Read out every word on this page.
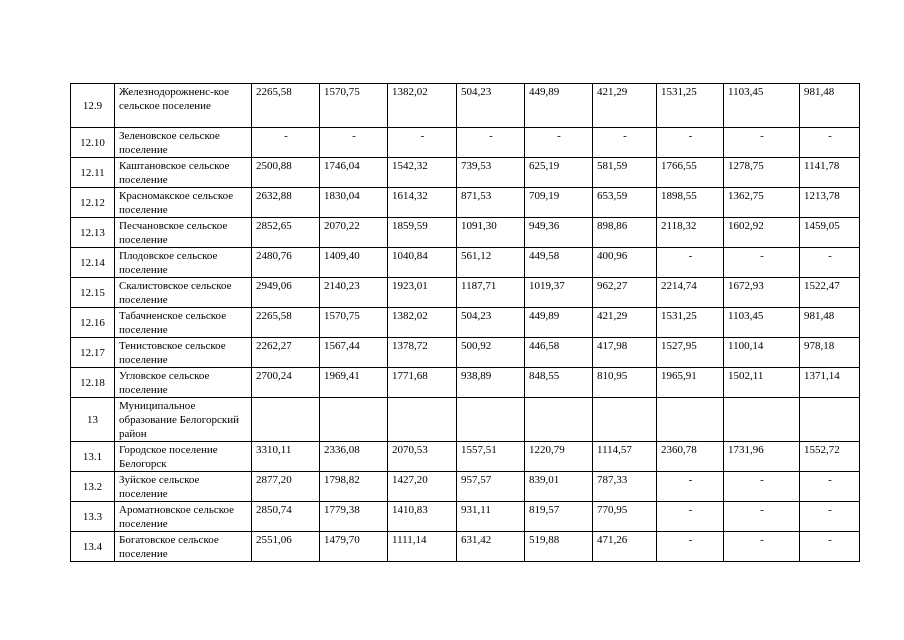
12.9	Железнодорожненс-кое сельское поселение	2265,58	1570,75	1382,02	504,23	449,89	421,29	1531,25	1103,45	981,48
12.10	Зеленовское сельское поселение	-	-	-	-	-	-	-	-	-
12.11	Каштановское сельское поселение	2500,88	1746,04	1542,32	739,53	625,19	581,59	1766,55	1278,75	1141,78
12.12	Красномакское сельское поселение	2632,88	1830,04	1614,32	871,53	709,19	653,59	1898,55	1362,75	1213,78
12.13	Песчановское сельское поселение	2852,65	2070,22	1859,59	1091,30	949,36	898,86	2118,32	1602,92	1459,05
12.14	Плодовское сельское поселение	2480,76	1409,40	1040,84	561,12	449,58	400,96	-	-	-
12.15	Скалистовское сельское поселение	2949,06	2140,23	1923,01	1187,71	1019,37	962,27	2214,74	1672,93	1522,47
12.16	Табачненское сельское поселение	2265,58	1570,75	1382,02	504,23	449,89	421,29	1531,25	1103,45	981,48
12.17	Тенистовское сельское поселение	2262,27	1567,44	1378,72	500,92	446,58	417,98	1527,95	1100,14	978,18
12.18	Угловское сельское поселение	2700,24	1969,41	1771,68	938,89	848,55	810,95	1965,91	1502,11	1371,14
13	Муниципальное образование Белогорский район									
13.1	Городское поселение Белогорск	3310,11	2336,08	2070,53	1557,51	1220,79	1114,57	2360,78	1731,96	1552,72
13.2	Зуйское сельское поселение	2877,20	1798,82	1427,20	957,57	839,01	787,33	-	-	-
13.3	Ароматновское сельское поселение	2850,74	1779,38	1410,83	931,11	819,57	770,95	-	-	-
13.4	Богатовское сельское поселение	2551,06	1479,70	1111,14	631,42	519,88	471,26	-	-	-
